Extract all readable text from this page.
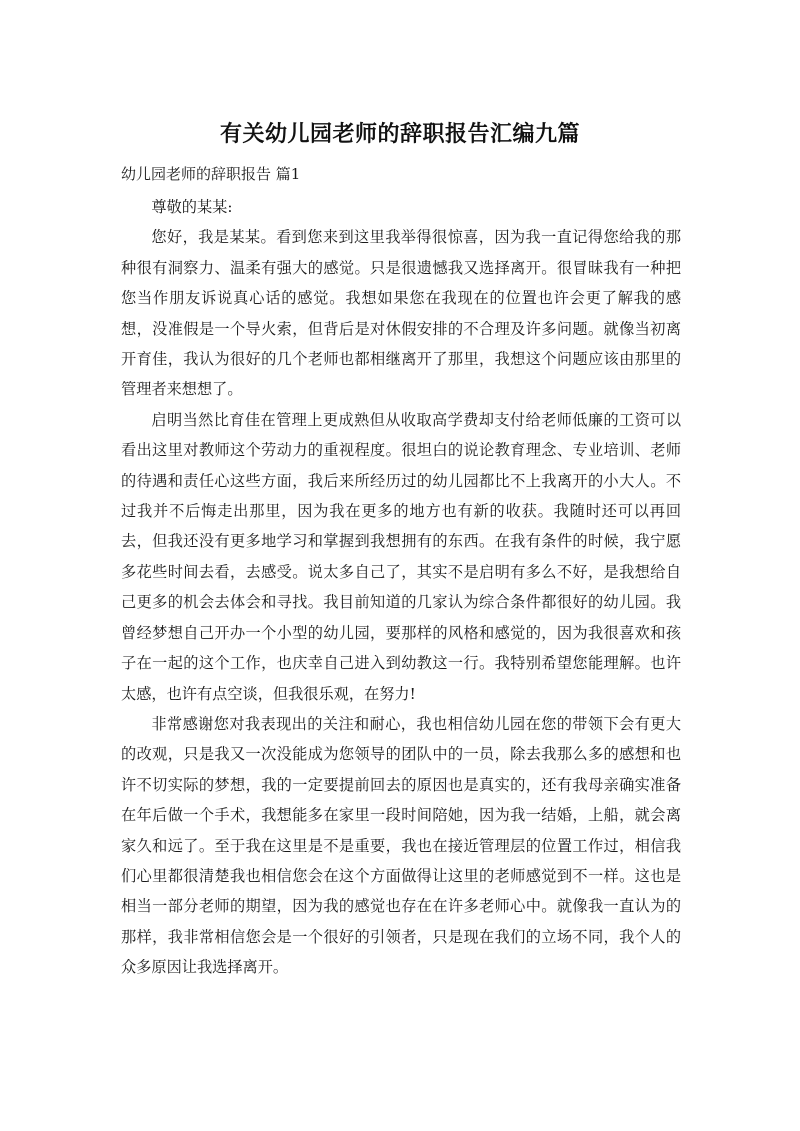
有关幼儿园老师的辞职报告汇编九篇
幼儿园老师的辞职报告 篇1

尊敬的某某:

您好，我是某某。看到您来到这里我举得很惊喜，因为我一直记得您给我的那种很有洞察力、温柔有强大的感觉。只是很遗憾我又选择离开。很冒昧我有一种把您当作朋友诉说真心话的感觉。我想如果您在我现在的位置也许会更了解我的感想，没准假是一个导火索，但背后是对休假安排的不合理及许多问题。就像当初离开育佳，我认为很好的几个老师也都相继离开了那里，我想这个问题应该由那里的管理者来想想了。

启明当然比育佳在管理上更成熟但从收取高学费却支付给老师低廉的工资可以看出这里对教师这个劳动力的重视程度。很坦白的说论教育理念、专业培训、老师的待遇和责任心这些方面，我后来所经历过的幼儿园都比不上我离开的小大人。不过我并不后悔走出那里，因为我在更多的地方也有新的收获。我随时还可以再回去，但我还没有更多地学习和掌握到我想拥有的东西。在我有条件的时候，我宁愿多花些时间去看，去感受。说太多自己了，其实不是启明有多么不好，是我想给自己更多的机会去体会和寻找。我目前知道的几家认为综合条件都很好的幼儿园。我曾经梦想自己开办一个小型的幼儿园，要那样的风格和感觉的，因为我很喜欢和孩子在一起的这个工作，也庆幸自己进入到幼教这一行。我特别希望您能理解。也许太感，也许有点空谈，但我很乐观，在努力!

非常感谢您对我表现出的关注和耐心，我也相信幼儿园在您的带领下会有更大的改观，只是我又一次没能成为您领导的团队中的一员，除去我那么多的感想和也许不切实际的梦想，我的一定要提前回去的原因也是真实的，还有我母亲确实准备在年后做一个手术，我想能多在家里一段时间陪她，因为我一结婚，上船，就会离家久和远了。至于我在这里是不是重要，我也在接近管理层的位置工作过，相信我们心里都很清楚我也相信您会在这个方面做得让这里的老师感觉到不一样。这也是相当一部分老师的期望，因为我的感觉也存在在许多老师心中。就像我一直认为的那样，我非常相信您会是一个很好的引领者，只是现在我们的立场不同，我个人的众多原因让我选择离开。
